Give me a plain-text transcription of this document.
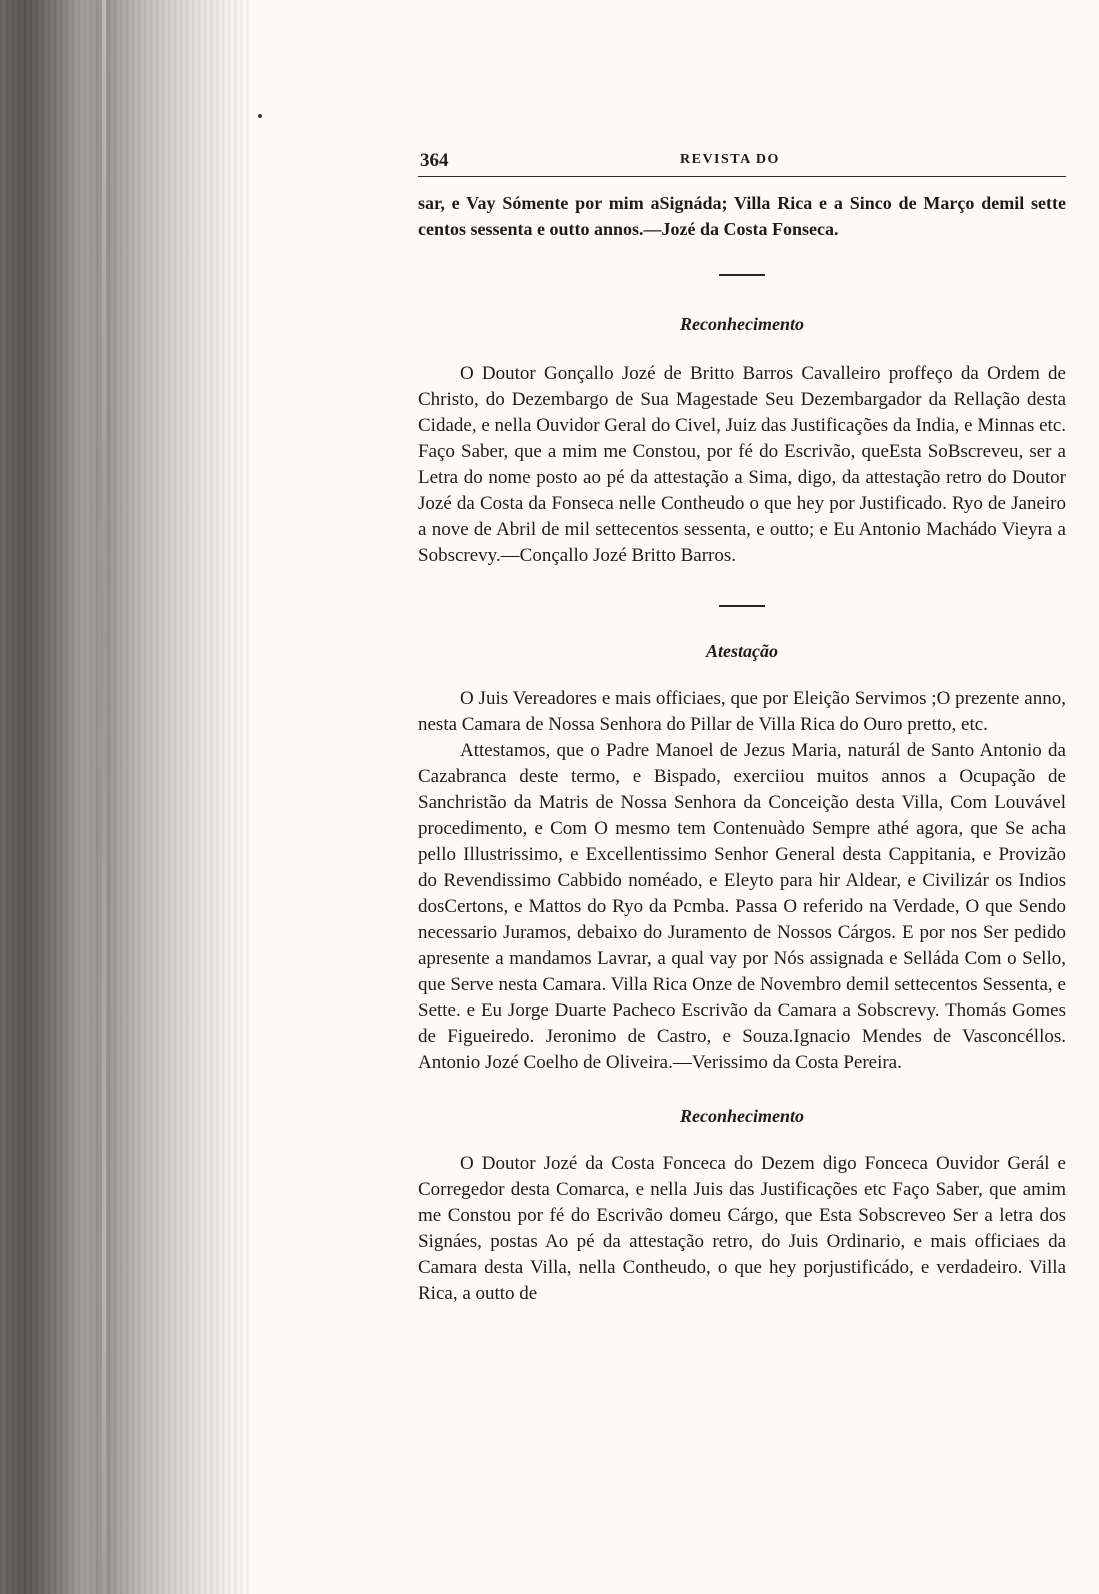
364	REVISTA DO

sar, e Vay Sómente por mim aSignáda; Villa Rica e a Sinco de Março demil sette centos sessenta e outto annos.—Jozé da Costa Fonseca.

Reconhecimento

O Doutor Gonçallo Jozé de Britto Barros Cavalleiro proffeço da Ordem de Christo, do Dezembargo de Sua Magestade Seu Dezembargador da Rellação desta Cidade, e nella Ouvidor Geral do Civel, Juiz das Justificações da India, e Minnas etc. Faço Saber, que a mim me Constou, por fé do Escrivão, queEsta SoBscreveu, ser a Letra do nome posto ao pé da attestação a Sima, digo, da attestação retro do Doutor Jozé da Costa da Fonseca nelle Contheudo o que hey por Justificado. Ryo de Janeiro a nove de Abril de mil settecentos sessenta, e outto; e Eu Antonio Machádo Vieyra a Sobscrevy.—Conçallo Jozé Britto Barros.

Atestação

O Juis Vereadores e mais officiaes, que por Eleição Servimos ;O prezente anno, nesta Camara de Nossa Senhora do Pillar de Villa Rica do Ouro pretto, etc.

Attestamos, que o Padre Manoel de Jezus Maria, naturál de Santo Antonio da Cazabranca deste termo, e Bispado, exerciiou muitos annos a Ocupação de Sanchristão da Matris de Nossa Senhora da Conceição desta Villa, Com Louvável procedimento, e Com O mesmo tem Contenuàdo Sempre athé agora, que Se acha pello Illustrissimo, e Excellentissimo Senhor General desta Cappitania, e Provizão do Revendissimo Cabbido noméado, e Eleyto para hir Aldear, e Civilizár os Indios dosCertons, e Mattos do Ryo da Pcmba. Passa O referido na Verdade, O que Sendo necessario Juramos, debaixo do Juramento de Nossos Cárgos. E por nos Ser pedido apresente a mandamos Lavrar, a qual vay por Nós assignada e Selláda Com o Sello, que Serve nesta Camara. Villa Rica Onze de Novembro demil settecentos Sessenta, e Sette. e Eu Jorge Duarte Pacheco Escrivão da Camara a Sobscrevy. Thomás Gomes de Figueiredo. Jeronimo de Castro, e Souza.Ignacio Mendes de Vasconcéllos. Antonio Jozé Coelho de Oliveira.—Verissimo da Costa Pereira.

Reconhecimento

O Doutor Jozé da Costa Fonceca do Dezem digo Fonceca Ouvidor Gerál e Corregedor desta Comarca, e nella Juis das Justificações etc Faço Saber, que amim me Constou por fé do Escrivão domeu Cárgo, que Esta Sobscreveo Ser a letra dos Signáes, postas Ao pé da attestação retro, do Juis Ordinario, e mais officiaes da Camara desta Villa, nella Contheudo, o que hey porjustificádo, e verdadeiro. Villa Rica, a outto de
